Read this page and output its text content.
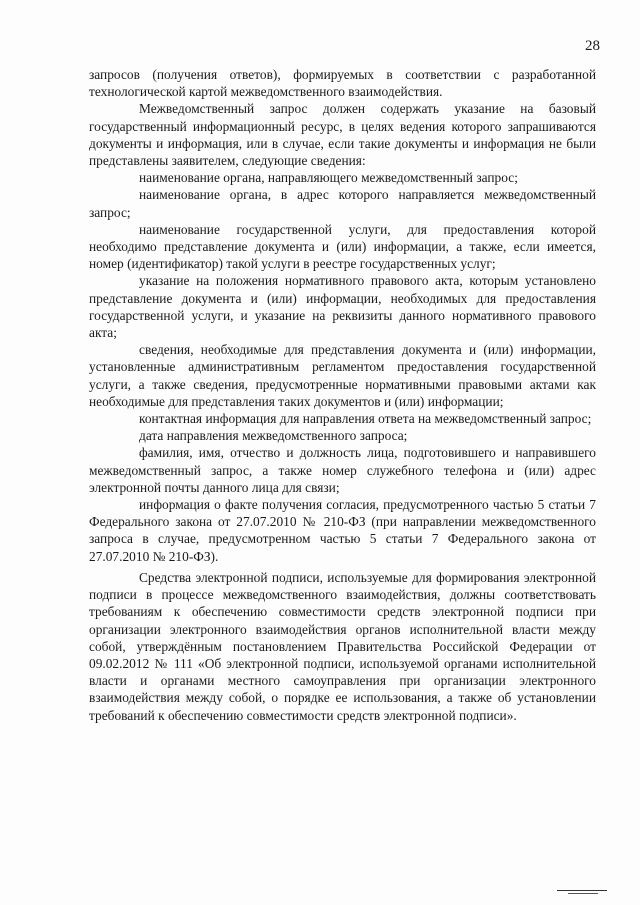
28

запросов (получения ответов), формируемых в соответствии с разработанной технологической картой межведомственного взаимодействия.

Межведомственный запрос должен содержать указание на базовый государственный информационный ресурс, в целях ведения которого запрашиваются документы и информация, или в случае, если такие документы и информация не были представлены заявителем, следующие сведения:

наименование органа, направляющего межведомственный запрос;

наименование органа, в адрес которого направляется межведомственный запрос;

наименование государственной услуги, для предоставления которой необходимо представление документа и (или) информации, а также, если имеется, номер (идентификатор) такой услуги в реестре государственных услуг;

указание на положения нормативного правового акта, которым установлено представление документа и (или) информации, необходимых для предоставления государственной услуги, и указание на реквизиты данного нормативного правового акта;

сведения, необходимые для представления документа и (или) информации, установленные административным регламентом предоставления государственной услуги, а также сведения, предусмотренные нормативными правовыми актами как необходимые для представления таких документов и (или) информации;

контактная информация для направления ответа на межведомственный запрос;

дата направления межведомственного запроса;

фамилия, имя, отчество и должность лица, подготовившего и направившего межведомственный запрос, а также номер служебного телефона и (или) адрес электронной почты данного лица для связи;

информация о факте получения согласия, предусмотренного частью 5 статьи 7 Федерального закона от 27.07.2010 № 210-ФЗ (при направлении межведомственного запроса в случае, предусмотренном частью 5 статьи 7 Федерального закона от 27.07.2010 № 210-ФЗ).

Средства электронной подписи, используемые для формирования электронной подписи в процессе межведомственного взаимодействия, должны соответствовать требованиям к обеспечению совместимости средств электронной подписи при организации электронного взаимодействия органов исполнительной власти между собой, утверждённым постановлением Правительства Российской Федерации от 09.02.2012 № 111 «Об электронной подписи, используемой органами исполнительной власти и органами местного самоуправления при организации электронного взаимодействия между собой, о порядке ее использования, а также об установлении требований к обеспечению совместимости средств электронной подписи».
